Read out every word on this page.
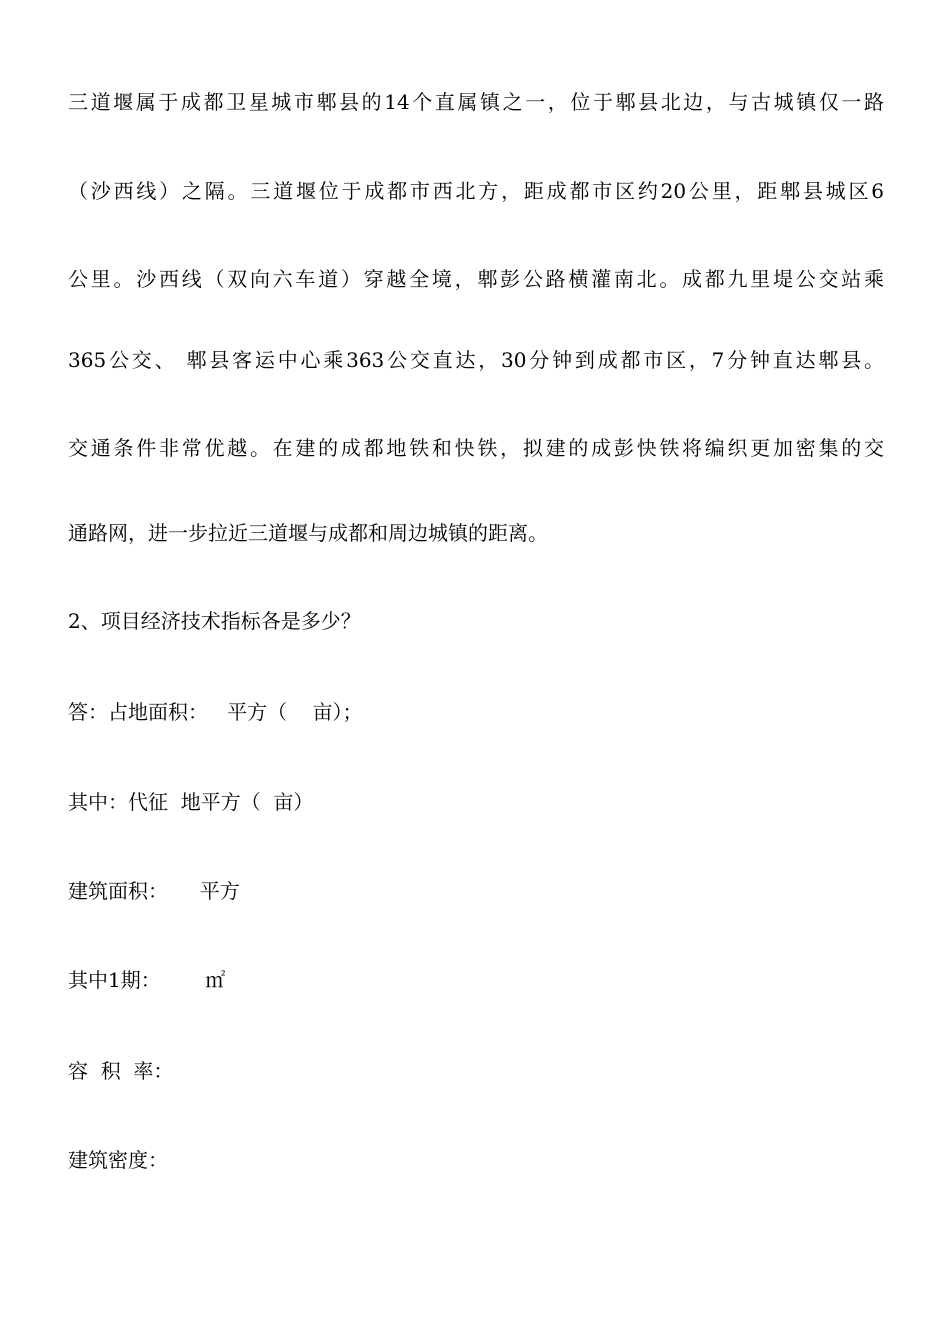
三道堰属于成都卫星城市郫县的14个直属镇之一，位于郫县北边，与古城镇仅一路
（沙西线）之隔。三道堰位于成都市西北方，距成都市区约20公里，距郫县城区6
公里。沙西线（双向六车道）穿越全境，郫彭公路横灌南北。成都九里堤公交站乘
365公交、 郫县客运中心乘363公交直达，30分钟到成都市区，7分钟直达郫县。
交通条件非常优越。在建的成都地铁和快铁，拟建的成彭快铁将编织更加密集的交
通路网，进一步拉近三道堰与成都和周边城镇的距离。
2、项目经济技术指标各是多少？
答：占地面积：   平方（    亩）；
其中：代征  地平方（  亩）
建筑面积：     平方
其中1期：       ㎡
容  积  率：
建筑密度：
